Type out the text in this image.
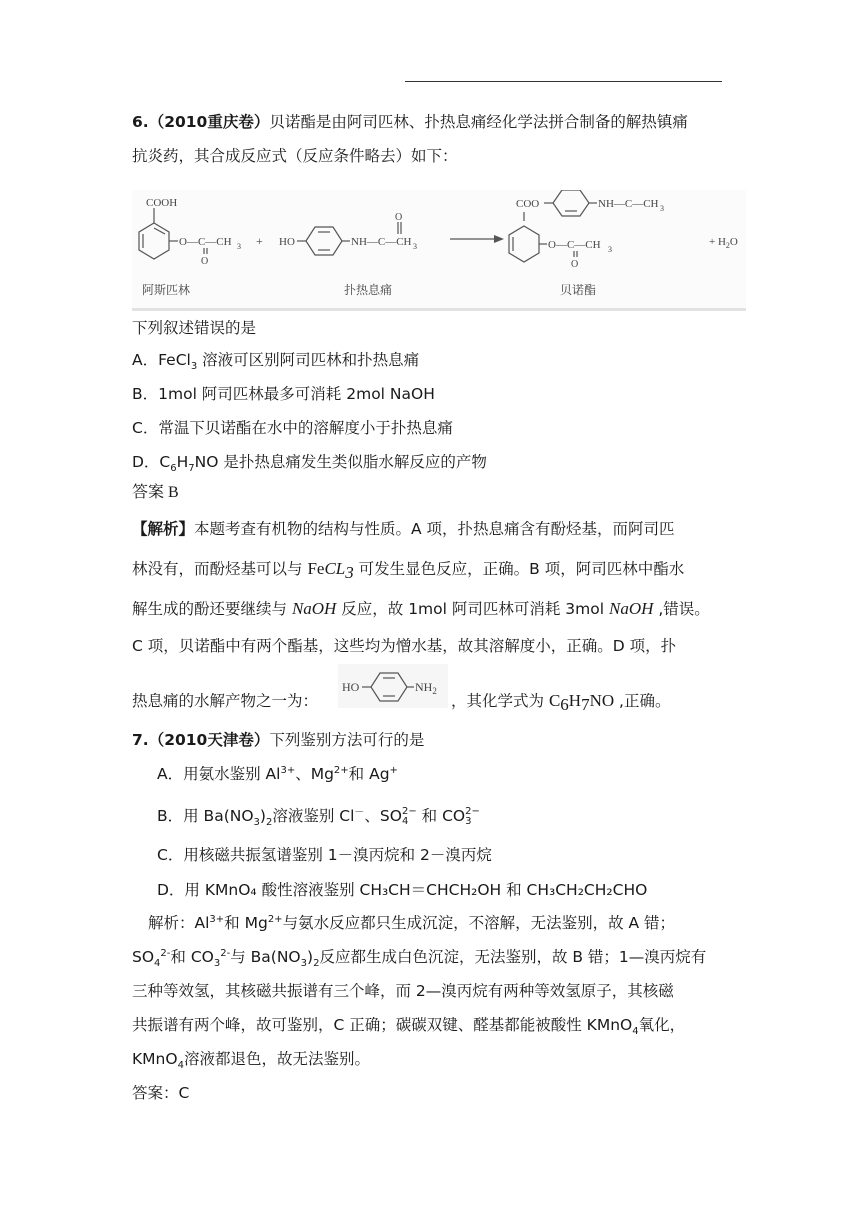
6.（2010重庆卷）贝诺酯是由阿司匹林、扑热息痛经化学法拼合制备的解热镇痛
抗炎药，其合成反应式（反应条件略去）如下：
COOH
O—C—CH 3
O
+ HO	NH—C—CH 3
O
COO	NH—C—CH 3
O—C—CH 3
O
+ $H_2O$
阿斯匹林	扑热息痛	贝诺酯
下列叙述错误的是
A．FeCl$_3$ 溶液可区别阿司匹林和扑热息痛
B．1mol 阿司匹林最多可消耗 2mol NaOH
C．常温下贝诺酯在水中的溶解度小于扑热息痛
D．$C_6H_7NO$ 是扑热息痛发生类似脂水解反应的产物
答案 B
【解析】本题考查有机物的结构与性质。A 项，扑热息痛含有酚烃基，而阿司匹
林没有，而酚烃基可以与 FeCL$_3$ 可发生显色反应，正确。B 项，阿司匹林中酯水
解生成的酚还要继续与 NaOH 反应，故 1mol 阿司匹林可消耗 3mol NaOH ,错误。
C 项，贝诺酯中有两个酯基，这些均为憎水基，故其溶解度小，正确。D 项，扑
HO	$NH_2$
热息痛的水解产物之一为：	，其化学式为 $C_6H_7NO$ ,正确。
7.（2010天津卷）下列鉴别方法可行的是
A．用氨水鉴别 $Al^{3+}$、$Mg^{2+}$和 Ag+
B．用 $Ba(NO_3)_2$溶液鉴别 Cl－、SO 2−
4 和 CO 2−
3
C．用核磁共振氢谱鉴别 1－溴丙烷和 2－溴丙烷
D．用 KMnO₄ 酸性溶液鉴别 CH₃CH＝CHCH₂OH 和 CH₃CH₂CH₂CHO
解析：$Al^{3+}$和 $Mg^{2+}$与氨水反应都只生成沉淀，不溶解，无法鉴别，故 A 错；
$SO_4^{2-}$和 $CO_3^{2-}$与 $Ba(NO_3)_2$反应都生成白色沉淀，无法鉴别，故 B 错；1—溴丙烷有
三种等效氢，其核磁共振谱有三个峰，而 2—溴丙烷有两种等效氢原子，其核磁
共振谱有两个峰，故可鉴别，C 正确；碳碳双键、醛基都能被酸性 KMnO$_4$氧化，
KMnO$_4$溶液都退色，故无法鉴别。
答案：C
